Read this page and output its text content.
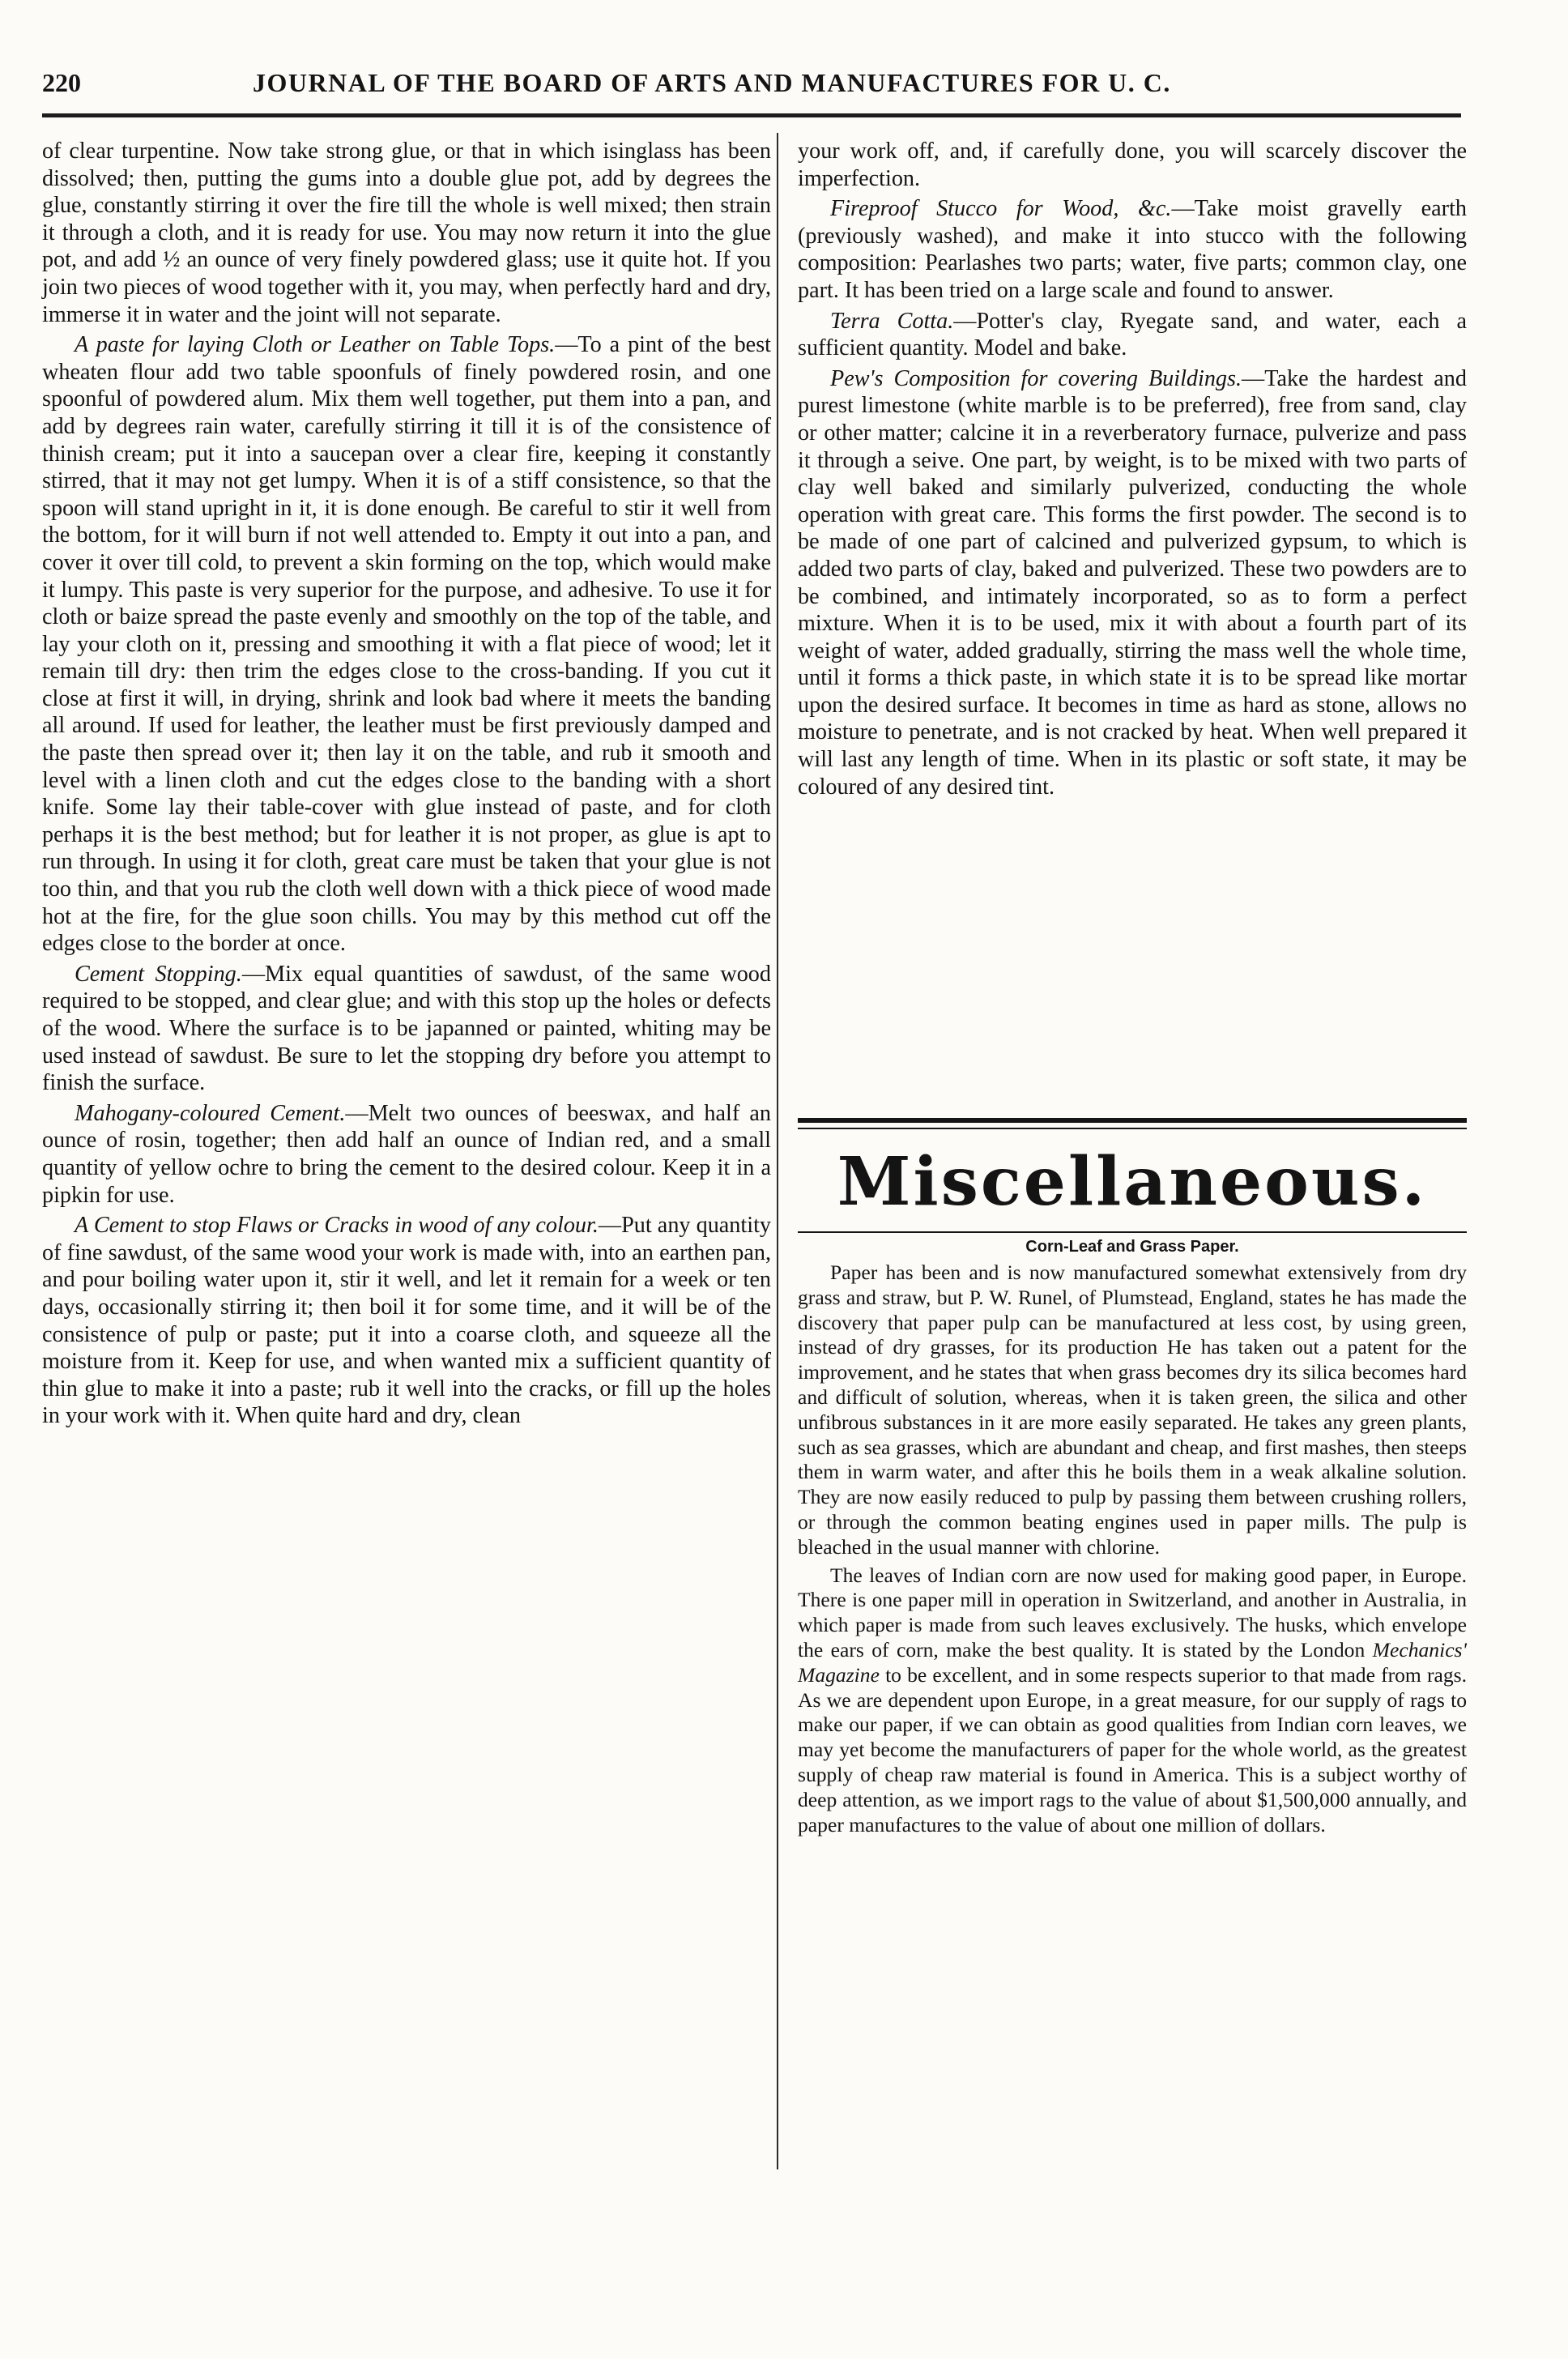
220	JOURNAL OF THE BOARD OF ARTS AND MANUFACTURES FOR U. C.

of clear turpentine. Now take strong glue, or that in which isinglass has been dissolved; then, putting the gums into a double glue pot, add by degrees the glue, constantly stirring it over the fire till the whole is well mixed; then strain it through a cloth, and it is ready for use. You may now return it into the glue pot, and add ½ an ounce of very finely powdered glass; use it quite hot. If you join two pieces of wood together with it, you may, when perfectly hard and dry, immerse it in water and the joint will not separate.

A paste for laying Cloth or Leather on Table Tops.—To a pint of the best wheaten flour add two table spoonfuls of finely powdered rosin, and one spoonful of powdered alum. Mix them well together, put them into a pan, and add by degrees rain water, carefully stirring it till it is of the consistence of thinish cream; put it into a saucepan over a clear fire, keeping it constantly stirred, that it may not get lumpy. When it is of a stiff consistence, so that the spoon will stand upright in it, it is done enough. Be careful to stir it well from the bottom, for it will burn if not well attended to. Empty it out into a pan, and cover it over till cold, to prevent a skin forming on the top, which would make it lumpy. This paste is very superior for the purpose, and adhesive. To use it for cloth or baize spread the paste evenly and smoothly on the top of the table, and lay your cloth on it, pressing and smoothing it with a flat piece of wood; let it remain till dry: then trim the edges close to the cross-banding. If you cut it close at first it will, in drying, shrink and look bad where it meets the banding all around. If used for leather, the leather must be first previously damped and the paste then spread over it; then lay it on the table, and rub it smooth and level with a linen cloth and cut the edges close to the banding with a short knife. Some lay their table-cover with glue instead of paste, and for cloth perhaps it is the best method; but for leather it is not proper, as glue is apt to run through. In using it for cloth, great care must be taken that your glue is not too thin, and that you rub the cloth well down with a thick piece of wood made hot at the fire, for the glue soon chills. You may by this method cut off the edges close to the border at once.

Cement Stopping.—Mix equal quantities of sawdust, of the same wood required to be stopped, and clear glue; and with this stop up the holes or defects of the wood. Where the surface is to be japanned or painted, whiting may be used instead of sawdust. Be sure to let the stopping dry before you attempt to finish the surface.

Mahogany-coloured Cement.—Melt two ounces of beeswax, and half an ounce of rosin, together; then add half an ounce of Indian red, and a small quantity of yellow ochre to bring the cement to the desired colour. Keep it in a pipkin for use.

A Cement to stop Flaws or Cracks in wood of any colour.—Put any quantity of fine sawdust, of the same wood your work is made with, into an earthen pan, and pour boiling water upon it, stir it well, and let it remain for a week or ten days, occasionally stirring it; then boil it for some time, and it will be of the consistence of pulp or paste; put it into a coarse cloth, and squeeze all the moisture from it. Keep for use, and when wanted mix a sufficient quantity of thin glue to make it into a paste; rub it well into the cracks, or fill up the holes in your work with it. When quite hard and dry, clean

your work off, and, if carefully done, you will scarcely discover the imperfection.

Fireproof Stucco for Wood, &c.—Take moist gravelly earth (previously washed), and make it into stucco with the following composition: Pearlashes two parts; water, five parts; common clay, one part. It has been tried on a large scale and found to answer.

Terra Cotta.—Potter's clay, Ryegate sand, and water, each a sufficient quantity. Model and bake.

Pew's Composition for covering Buildings.—Take the hardest and purest limestone (white marble is to be preferred), free from sand, clay or other matter; calcine it in a reverberatory furnace, pulverize and pass it through a seive. One part, by weight, is to be mixed with two parts of clay well baked and similarly pulverized, conducting the whole operation with great care. This forms the first powder. The second is to be made of one part of calcined and pulverized gypsum, to which is added two parts of clay, baked and pulverized. These two powders are to be combined, and intimately incorporated, so as to form a perfect mixture. When it is to be used, mix it with about a fourth part of its weight of water, added gradually, stirring the mass well the whole time, until it forms a thick paste, in which state it is to be spread like mortar upon the desired surface. It becomes in time as hard as stone, allows no moisture to penetrate, and is not cracked by heat. When well prepared it will last any length of time. When in its plastic or soft state, it may be coloured of any desired tint.

Miscellaneous.
Corn-Leaf and Grass Paper.

Paper has been and is now manufactured somewhat extensively from dry grass and straw, but P. W. Runel, of Plumstead, England, states he has made the discovery that paper pulp can be manufactured at less cost, by using green, instead of dry grasses, for its production He has taken out a patent for the improvement, and he states that when grass becomes dry its silica becomes hard and difficult of solution, whereas, when it is taken green, the silica and other unfibrous substances in it are more easily separated. He takes any green plants, such as sea grasses, which are abundant and cheap, and first mashes, then steeps them in warm water, and after this he boils them in a weak alkaline solution. They are now easily reduced to pulp by passing them between crushing rollers, or through the common beating engines used in paper mills. The pulp is bleached in the usual manner with chlorine.

The leaves of Indian corn are now used for making good paper, in Europe. There is one paper mill in operation in Switzerland, and another in Australia, in which paper is made from such leaves exclusively. The husks, which envelope the ears of corn, make the best quality. It is stated by the London Mechanics' Magazine to be excellent, and in some respects superior to that made from rags. As we are dependent upon Europe, in a great measure, for our supply of rags to make our paper, if we can obtain as good qualities from Indian corn leaves, we may yet become the manufacturers of paper for the whole world, as the greatest supply of cheap raw material is found in America. This is a subject worthy of deep attention, as we import rags to the value of about $1,500,000 annually, and paper manufactures to the value of about one million of dollars.
